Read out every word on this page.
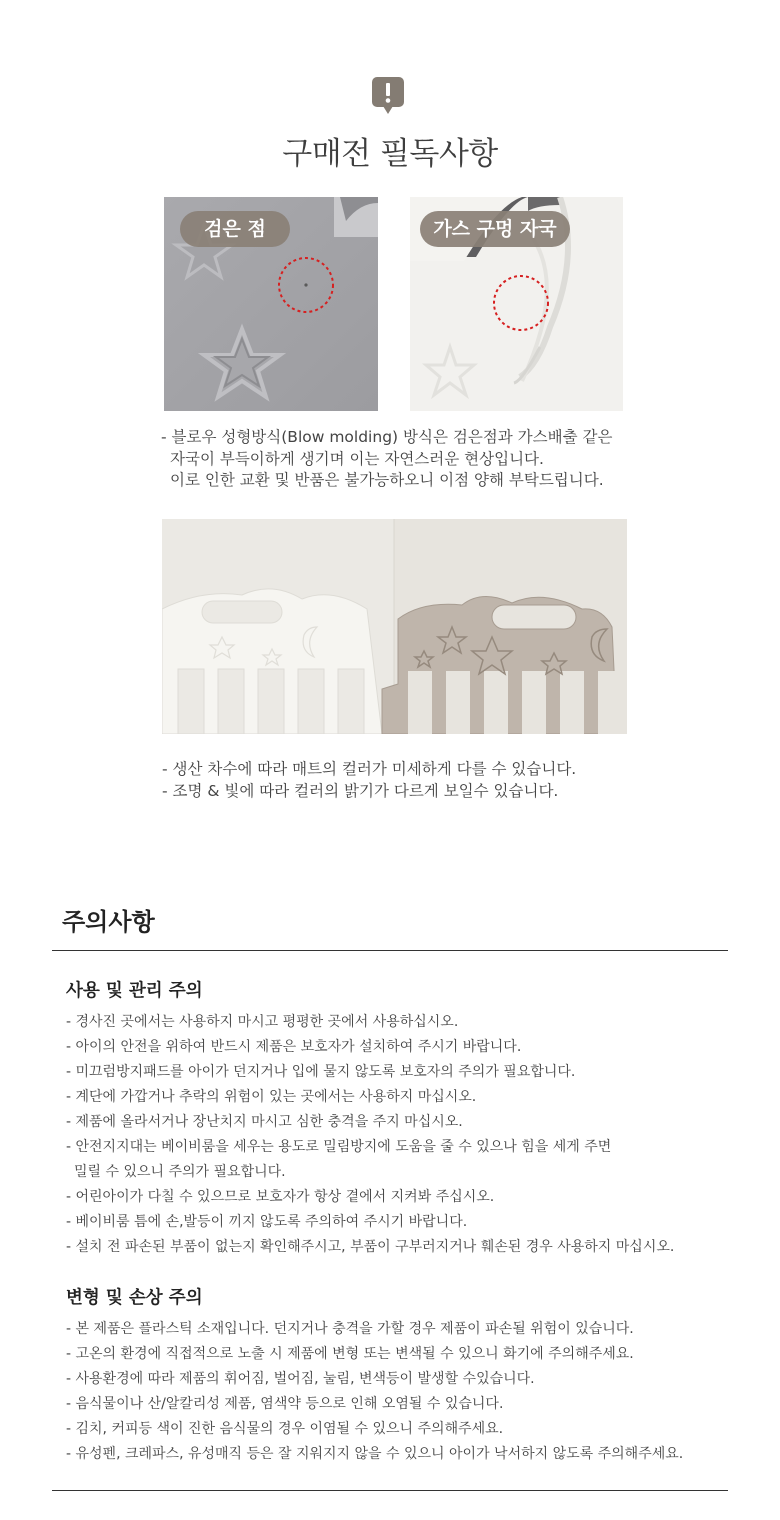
구매전 필독사항
검은 점	가스 구멍 자국
- 블로우 성형방식(Blow molding) 방식은 검은점과 가스배출 같은
자국이 부득이하게 생기며 이는 자연스러운 현상입니다.
이로 인한 교환 및 반품은 불가능하오니 이점 양해 부탁드립니다.
- 생산 차수에 따라 매트의 컬러가 미세하게 다를 수 있습니다.
- 조명 & 빛에 따라 컬러의 밝기가 다르게 보일수 있습니다.
주의사항
사용 및 관리 주의
- 경사진 곳에서는 사용하지 마시고 평평한 곳에서 사용하십시오.
- 아이의 안전을 위하여 반드시 제품은 보호자가 설치하여 주시기 바랍니다.
- 미끄럼방지패드를 아이가 던지거나 입에 물지 않도록 보호자의 주의가 필요합니다.
- 계단에 가깝거나 추락의 위험이 있는 곳에서는 사용하지 마십시오.
- 제품에 올라서거나 장난치지 마시고 심한 충격을 주지 마십시오.
- 안전지지대는 베이비룸을 세우는 용도로 밀림방지에 도움을 줄 수 있으나 힘을 세게 주면
밀릴 수 있으니 주의가 필요합니다.
- 어린아이가 다칠 수 있으므로 보호자가 항상 곁에서 지켜봐 주십시오.
- 베이비룸 틈에 손,발등이 끼지 않도록 주의하여 주시기 바랍니다.
- 설치 전 파손된 부품이 없는지 확인해주시고, 부품이 구부러지거나 훼손된 경우 사용하지 마십시오.
변형 및 손상 주의
- 본 제품은 플라스틱 소재입니다. 던지거나 충격을 가할 경우 제품이 파손될 위험이 있습니다.
- 고온의 환경에 직접적으로 노출 시 제품에 변형 또는 변색될 수 있으니 화기에 주의해주세요.
- 사용환경에 따라 제품의 휘어짐, 벌어짐, 눌림, 변색등이 발생할 수있습니다.
- 음식물이나 산/알칼리성 제품, 염색약 등으로 인해 오염될 수 있습니다.
- 김치, 커피등 색이 진한 음식물의 경우 이염될 수 있으니 주의해주세요.
- 유성펜, 크레파스, 유성매직 등은 잘 지워지지 않을 수 있으니 아이가 낙서하지 않도록 주의해주세요.
